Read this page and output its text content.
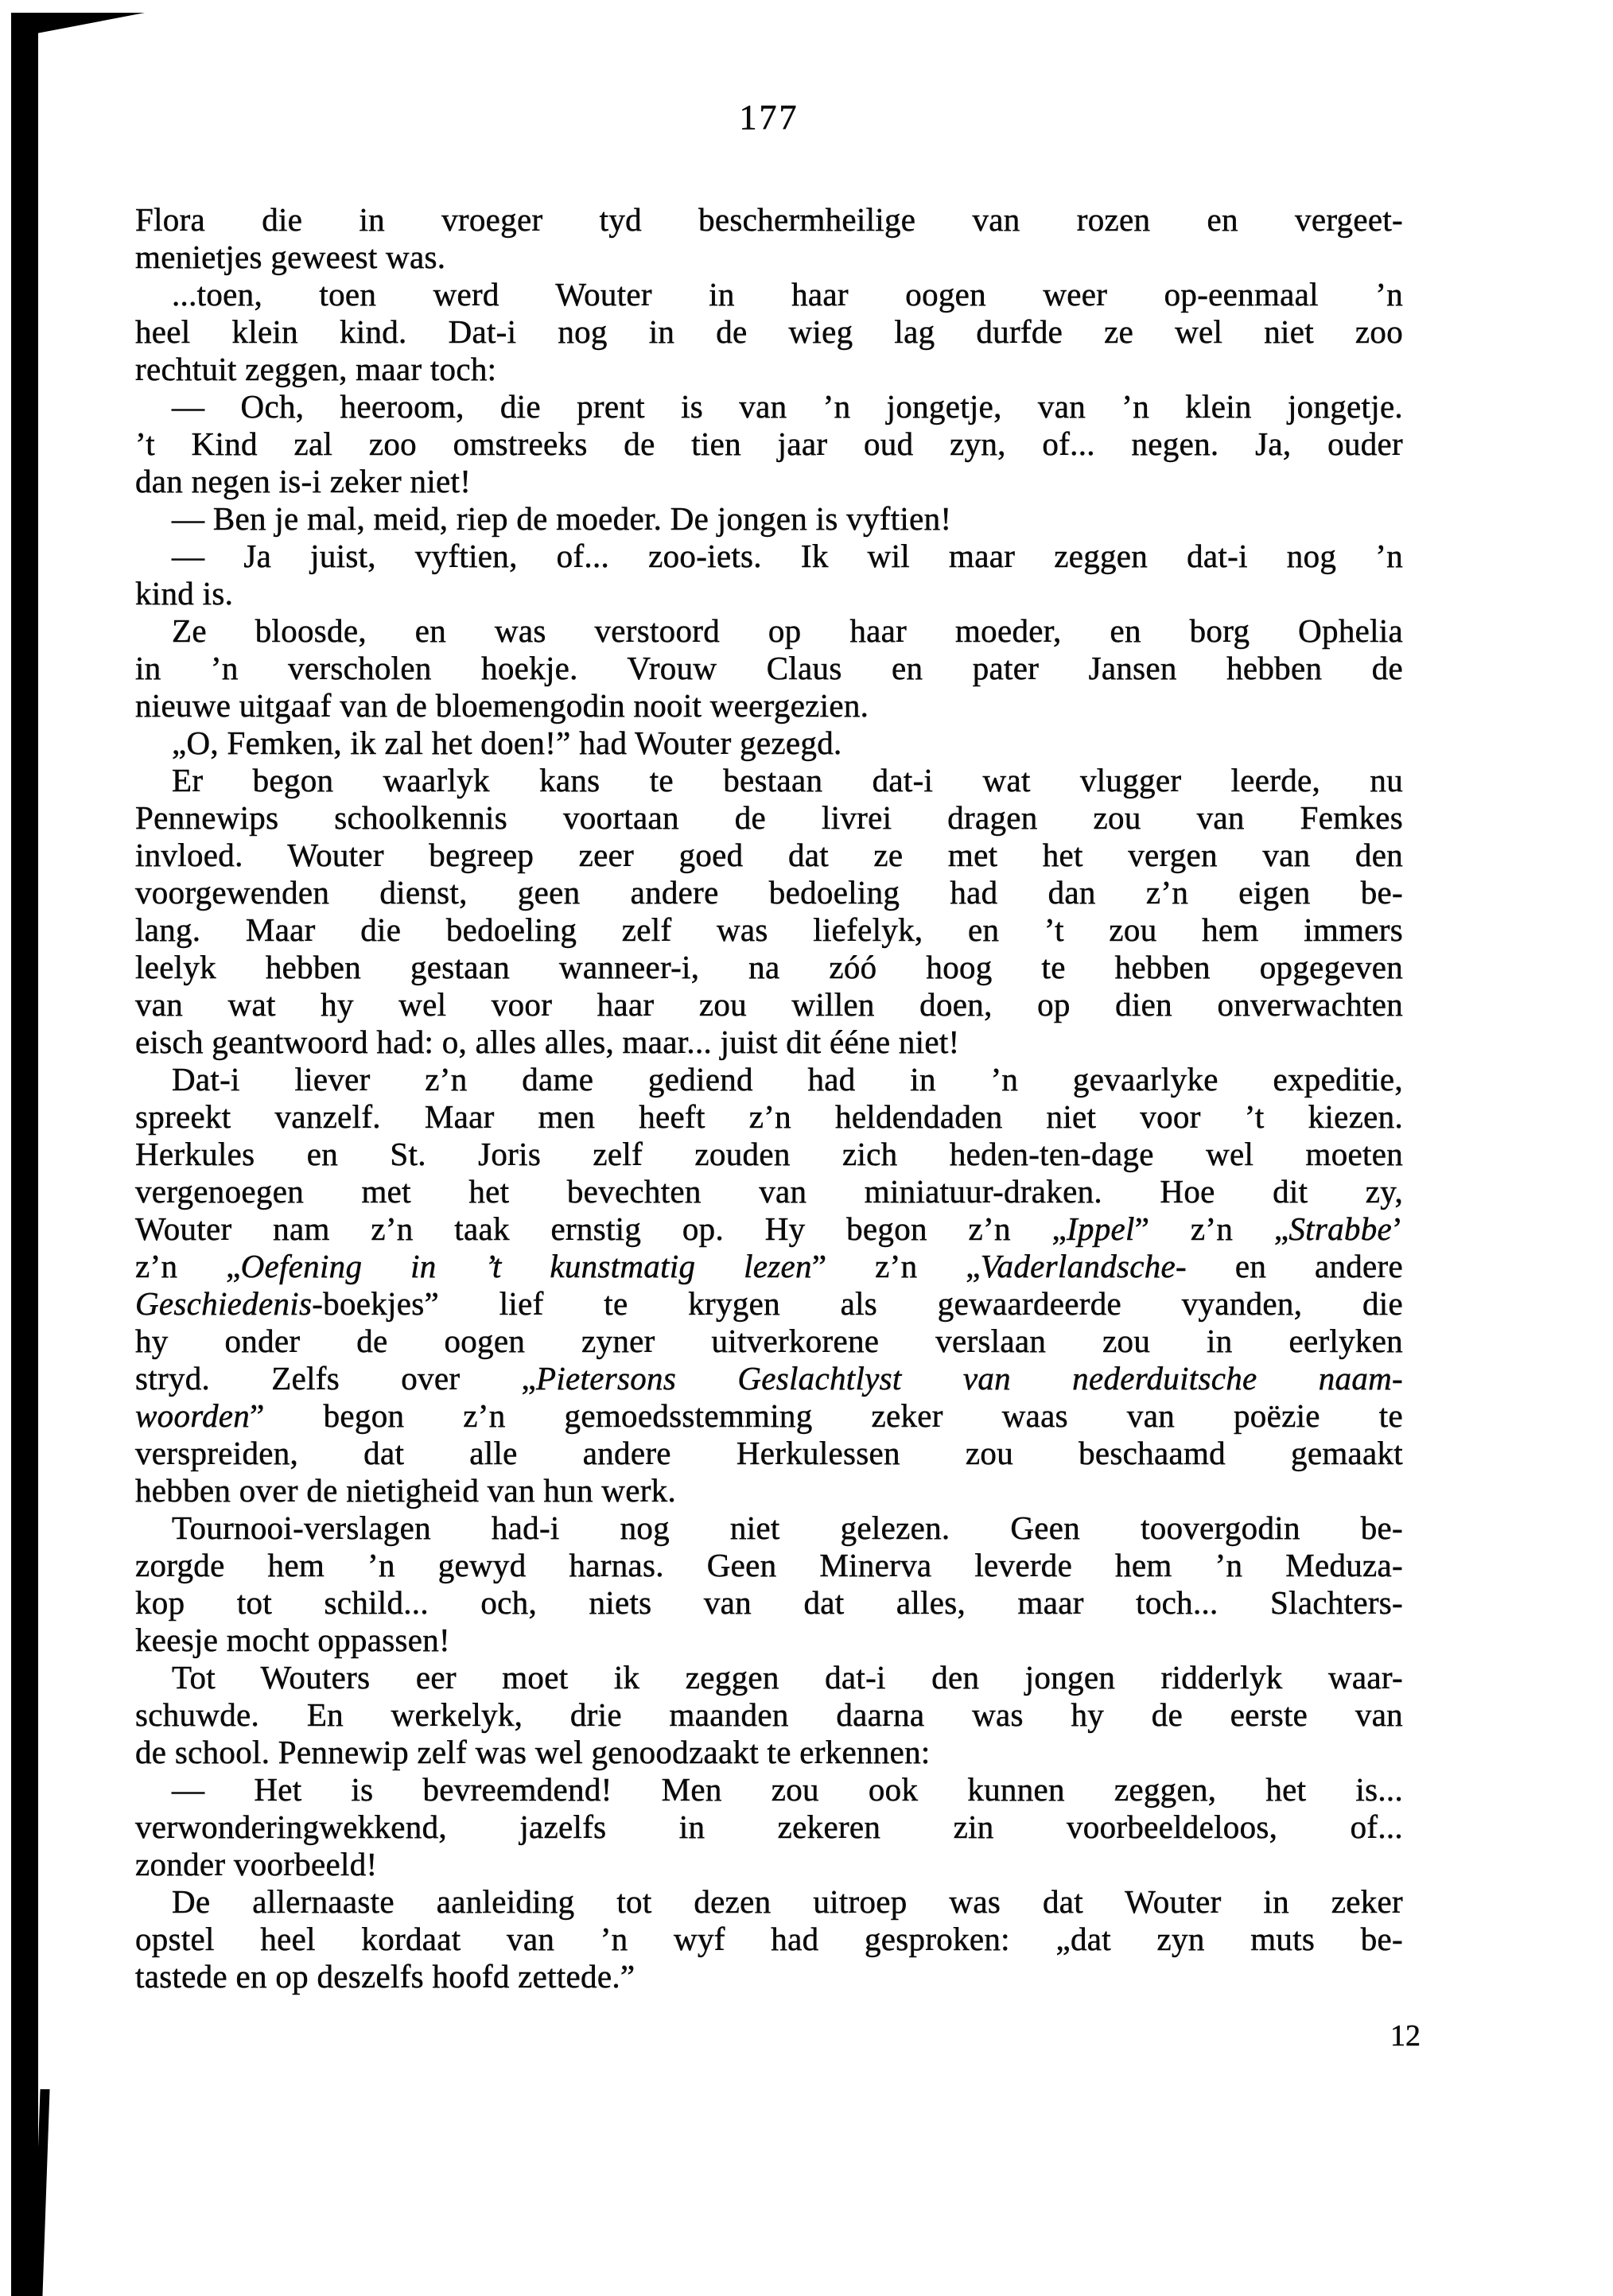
177
Flora die in vroeger tyd beschermheilige van rozen en vergeet-
menietjes geweest was.
...toen, toen werd Wouter in haar oogen weer op-eenmaal ’n
heel klein kind. Dat-i nog in de wieg lag durfde ze wel niet zoo
rechtuit zeggen, maar toch:
— Och, heeroom, die prent is van ’n jongetje, van ’n klein jongetje.
’t Kind zal zoo omstreeks de tien jaar oud zyn, of... negen. Ja, ouder
dan negen is-i zeker niet!
— Ben je mal, meid, riep de moeder. De jongen is vyftien!
— Ja juist, vyftien, of... zoo-iets. Ik wil maar zeggen dat-i nog ’n
kind is.
Ze bloosde, en was verstoord op haar moeder, en borg Ophelia
in ’n verscholen hoekje. Vrouw Claus en pater Jansen hebben de
nieuwe uitgaaf van de bloemengodin nooit weergezien.
„O, Femken, ik zal het doen!” had Wouter gezegd.
Er begon waarlyk kans te bestaan dat-i wat vlugger leerde, nu
Pennewips schoolkennis voortaan de livrei dragen zou van Femkes
invloed. Wouter begreep zeer goed dat ze met het vergen van den
voorgewenden dienst, geen andere bedoeling had dan z’n eigen be-
lang. Maar die bedoeling zelf was liefelyk, en ’t zou hem immers
leelyk hebben gestaan wanneer-i, na zóó hoog te hebben opgegeven
van wat hy wel voor haar zou willen doen, op dien onverwachten
eisch geantwoord had: o, alles alles, maar... juist dit ééne niet!
Dat-i liever z’n dame gediend had in ’n gevaarlyke expeditie,
spreekt vanzelf. Maar men heeft z’n heldendaden niet voor ’t kiezen.
Herkules en St. Joris zelf zouden zich heden-ten-dage wel moeten
vergenoegen met het bevechten van miniatuur-draken. Hoe dit zy,
Wouter nam z’n taak ernstig op. Hy begon z’n „Ippel” z’n „Strabbe’
z’n „Oefening in ’t kunstmatig lezen” z’n „Vaderlandsche- en andere
Geschiedenis-boekjes” lief te krygen als gewaardeerde vyanden, die
hy onder de oogen zyner uitverkorene verslaan zou in eerlyken
stryd. Zelfs over „Pietersons Geslachtlyst van nederduitsche naam-
woorden” begon z’n gemoedsstemming zeker waas van poëzie te
verspreiden, dat alle andere Herkulessen zou beschaamd gemaakt
hebben over de nietigheid van hun werk.
Tournooi-verslagen had-i nog niet gelezen. Geen toovergodin be-
zorgde hem ’n gewyd harnas. Geen Minerva leverde hem ’n Meduza-
kop tot schild... och, niets van dat alles, maar toch... Slachters-
keesje mocht oppassen!
Tot Wouters eer moet ik zeggen dat-i den jongen ridderlyk waar-
schuwde. En werkelyk, drie maanden daarna was hy de eerste van
de school. Pennewip zelf was wel genoodzaakt te erkennen:
— Het is bevreemdend! Men zou ook kunnen zeggen, het is...
verwonderingwekkend, jazelfs in zekeren zin voorbeeldeloos, of...
zonder voorbeeld!
De allernaaste aanleiding tot dezen uitroep was dat Wouter in zeker
opstel heel kordaat van ’n wyf had gesproken: „dat zyn muts be-
tastede en op deszelfs hoofd zettede.”
12
